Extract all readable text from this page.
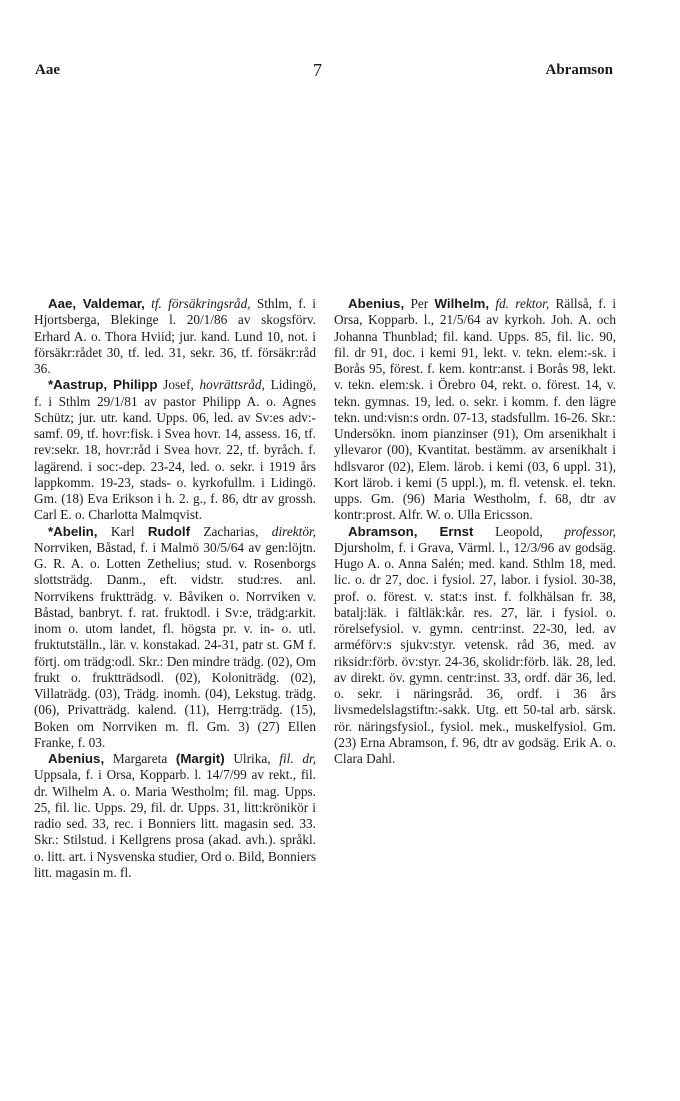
Aae	7	Abramson

Aae, Valdemar, tf. försäkringsråd, Sthlm, f. i Hjortsberga, Blekinge l. 20/1/86 av skogsförv. Erhard A. o. Thora Hviid; jur. kand. Lund 10, not. i försäkr:rådet 30, tf. led. 31, sekr. 36, tf. försäkr:råd 36.

*Aastrup, Philipp Josef, hovrättsråd, Lidingö, f. i Sthlm 29/1/81 av pastor Philipp A. o. Agnes Schütz; jur. utr. kand. Upps. 06, led. av Sv:es adv:-samf. 09, tf. hovr:fisk. i Svea hovr. 14, assess. 16, tf. rev:sekr. 18, hovr:råd i Svea hovr. 22, tf. byråch. f. lagärend. i soc:-dep. 23-24, led. o. sekr. i 1919 års lappkomm. 19-23, stads- o. kyrkofullm. i Lidingö. Gm. (18) Eva Erikson i h. 2. g., f. 86, dtr av grossh. Carl E. o. Charlotta Malmqvist.

*Abelin, Karl Rudolf Zacharias, direktör, Norrviken, Båstad, f. i Malmö 30/5/64 av gen:löjtn. G. R. A. o. Lotten Zethelius; stud. v. Rosenborgs slottsträdg. Danm., eft. vidstr. stud:res. anl. Norrvikens fruktträdg. v. Båviken o. Norrviken v. Båstad, banbryt. f. rat. fruktodl. i Sv:e, trädg:arkit. inom o. utom landet, fl. högsta pr. v. in- o. utl. fruktutställn., lär. v. konstakad. 24-31, patr st. GM f. förtj. om trädg:odl. Skr.: Den mindre trädg. (02), Om frukt o. fruktträdsodl. (02), Koloniträdg. (02), Villaträdg. (03), Trädg. inomh. (04), Lekstug. trädg. (06), Privatträdg. kalend. (11), Herrg:trädg. (15), Boken om Norrviken m. fl. Gm. 3) (27) Ellen Franke, f. 03.

Abenius, Margareta (Margit) Ulrika, fil. dr, Uppsala, f. i Orsa, Kopparb. l. 14/7/99 av rekt., fil. dr. Wilhelm A. o. Maria Westholm; fil. mag. Upps. 25, fil. lic. Upps. 29, fil. dr. Upps. 31, litt:krönikör i radio sed. 33, rec. i Bonniers litt. magasin sed. 33. Skr.: Stilstud. i Kellgrens prosa (akad. avh.). språkl. o. litt. art. i Nysvenska studier, Ord o. Bild, Bonniers litt. magasin m. fl.

Abenius, Per Wilhelm, fd. rektor, Rällså, f. i Orsa, Kopparb. l., 21/5/64 av kyrkoh. Joh. A. och Johanna Thunblad; fil. kand. Upps. 85, fil. lic. 90, fil. dr 91, doc. i kemi 91, lekt. v. tekn. elem:-sk. i Borås 95, förest. f. kem. kontr:anst. i Borås 98, lekt. v. tekn. elem:sk. i Örebro 04, rekt. o. förest. 14, v. tekn. gymnas. 19, led. o. sekr. i komm. f. den lägre tekn. und:visn:s ordn. 07-13, stadsfullm. 16-26. Skr.: Undersökn. inom pianzinser (91), Om arsenikhalt i yllevaror (00), Kvantitat. bestämm. av arsenikhalt i hdlsvaror (02), Elem. lärob. i kemi (03, 6 uppl. 31), Kort lärob. i kemi (5 uppl.), m. fl. vetensk. el. tekn. upps. Gm. (96) Maria Westholm, f. 68, dtr av kontr:prost. Alfr. W. o. Ulla Ericsson.

Abramson, Ernst Leopold, professor, Djursholm, f. i Grava, Värml. l., 12/3/96 av godsäg. Hugo A. o. Anna Salén; med. kand. Sthlm 18, med. lic. o. dr 27, doc. i fysiol. 27, labor. i fysiol. 30-38, prof. o. förest. v. stat:s inst. f. folkhälsan fr. 38, batalj:läk. i fältläk:kår. res. 27, lär. i fysiol. o. rörelsefysiol. v. gymn. centr:inst. 22-30, led. av arméförv:s sjukv:styr. vetensk. råd 36, med. av riksidr:förb. öv:styr. 24-36, skolidr:förb. läk. 28, led. av direkt. öv. gymn. centr:inst. 33, ordf. där 36, led. o. sekr. i näringsråd. 36, ordf. i 36 års livsmedelslagstiftn:-sakk. Utg. ett 50-tal arb. särsk. rör. näringsfysiol., fysiol. mek., muskelfysiol. Gm. (23) Erna Abramson, f. 96, dtr av godsäg. Erik A. o. Clara Dahl.
